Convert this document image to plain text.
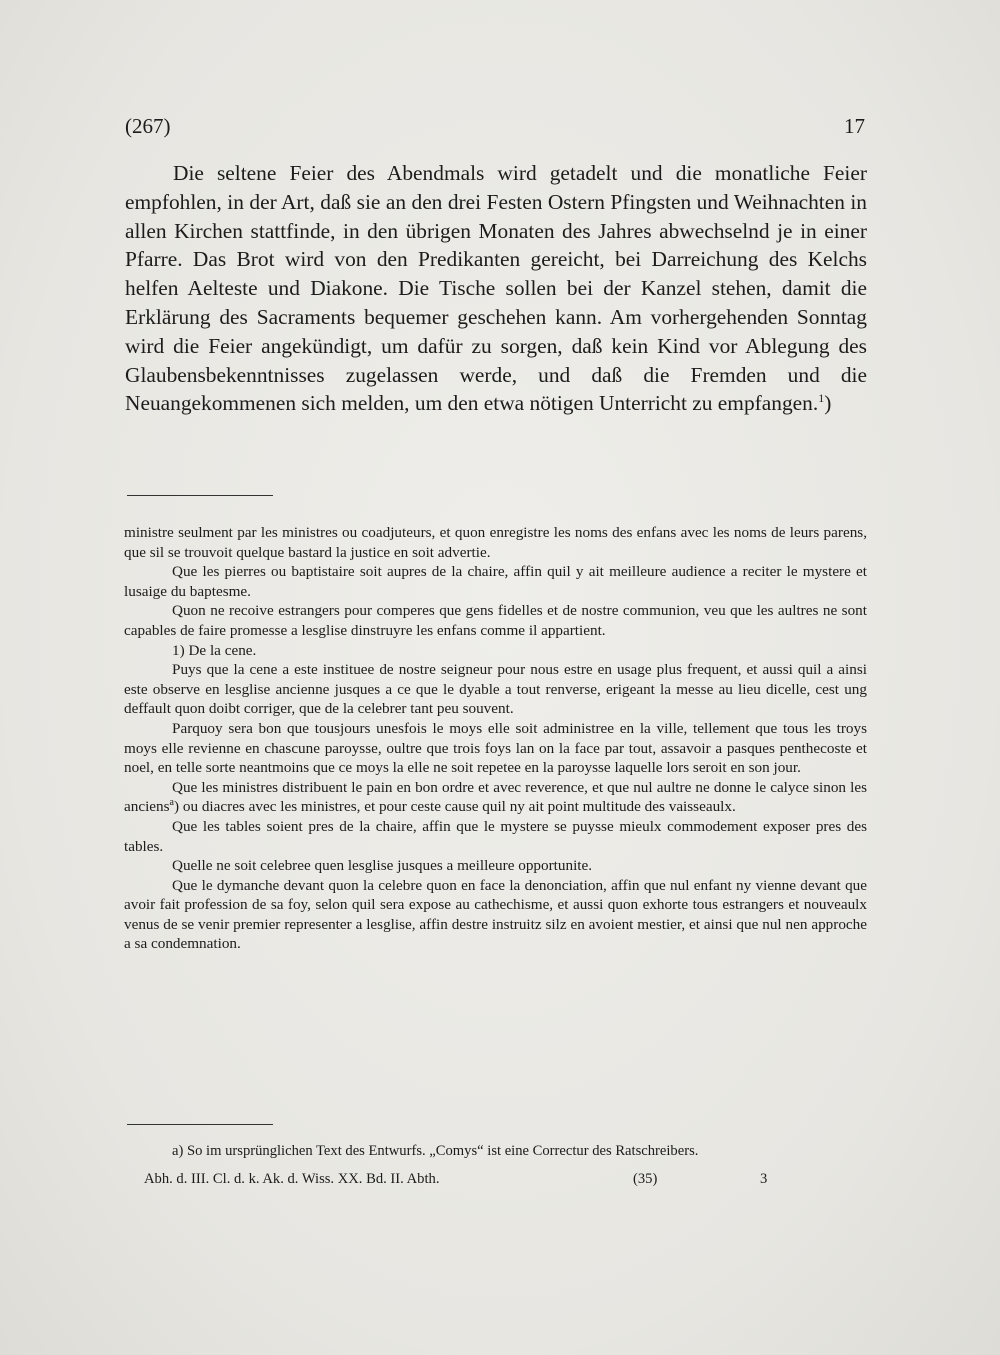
(267)	17

Die seltene Feier des Abendmals wird getadelt und die monatliche Feier empfohlen, in der Art, daß sie an den drei Festen Ostern Pfingsten und Weihnachten in allen Kirchen stattfinde, in den übrigen Monaten des Jahres abwechselnd je in einer Pfarre. Das Brot wird von den Predikanten gereicht, bei Darreichung des Kelchs helfen Aelteste und Diakone. Die Tische sollen bei der Kanzel stehen, damit die Erklärung des Sacraments bequemer geschehen kann. Am vorhergehenden Sonntag wird die Feier angekündigt, um dafür zu sorgen, daß kein Kind vor Ablegung des Glaubensbekenntnisses zugelassen werde, und daß die Fremden und die Neuangekommenen sich melden, um den etwa nötigen Unterricht zu empfangen.$^1$)

ministre seulment par les ministres ou coadjuteurs, et quon enregistre les noms des enfans avec les noms de leurs parens, que sil se trouvoit quelque bastard la justice en soit advertie.

Que les pierres ou baptistaire soit aupres de la chaire, affin quil y ait meilleure audience a reciter le mystere et lusaige du baptesme.

Quon ne recoive estrangers pour comperes que gens fidelles et de nostre communion, veu que les aultres ne sont capables de faire promesse a lesglise dinstruyre les enfans comme il appartient.

1) De la cene.

Puys que la cene a este instituee de nostre seigneur pour nous estre en usage plus frequent, et aussi quil a ainsi este observe en lesglise ancienne jusques a ce que le dyable a tout renverse, erigeant la messe au lieu dicelle, cest ung deffault quon doibt corriger, que de la celebrer tant peu souvent.

Parquoy sera bon que tousjours unesfois le moys elle soit administree en la ville, tellement que tous les troys moys elle revienne en chascune paroysse, oultre que trois foys lan on la face par tout, assavoir a pasques penthecoste et noel, en telle sorte neantmoins que ce moys la elle ne soit repetee en la paroysse laquelle lors seroit en son jour.

Que les ministres distribuent le pain en bon ordre et avec reverence, et que nul aultre ne donne le calyce sinon les anciens$^a$) ou diacres avec les ministres, et pour ceste cause quil ny ait point multitude des vaisseaulx.

Que les tables soient pres de la chaire, affin que le mystere se puysse mieulx commodement exposer pres des tables.

Quelle ne soit celebree quen lesglise jusques a meilleure opportunite.

Que le dymanche devant quon la celebre quon en face la denonciation, affin que nul enfant ny vienne devant que avoir fait profession de sa foy, selon quil sera expose au cathechisme, et aussi quon exhorte tous estrangers et nouveaulx venus de se venir premier representer a lesglise, affin destre instruitz silz en avoient mestier, et ainsi que nul nen approche a sa condemnation.

a) So im ursprünglichen Text des Entwurfs. „Comys“ ist eine Correctur des Ratschreibers.
Abh. d. III. Cl. d. k. Ak. d. Wiss. XX. Bd. II. Abth.	(35)	3
